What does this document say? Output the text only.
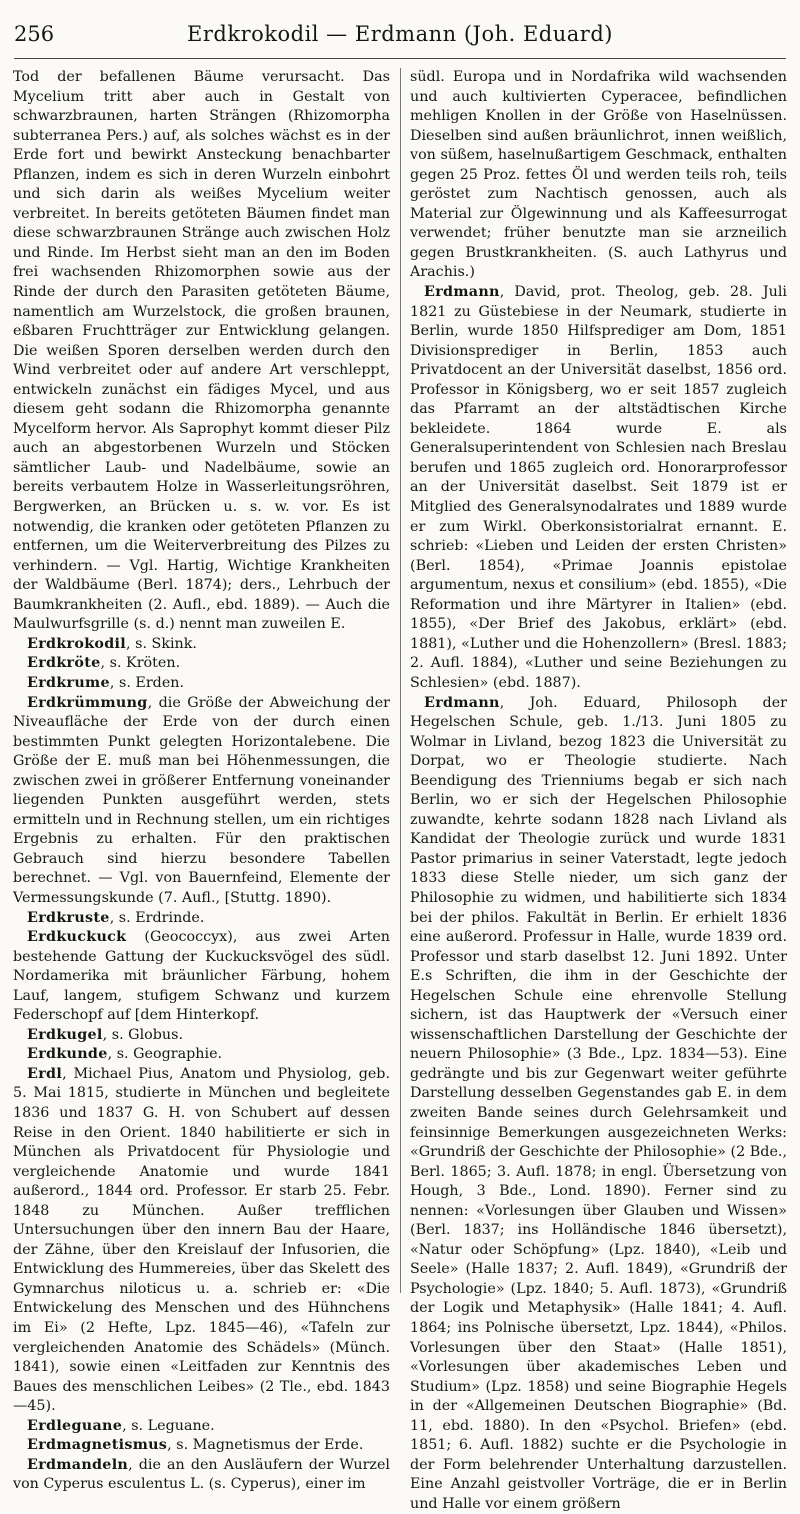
256	Erdkrokodil — Erdmann (Joh. Eduard)

Tod der befallenen Bäume verursacht. Das Mycelium tritt aber auch in Gestalt von schwarzbraunen, harten Strängen (Rhizomorpha subterranea Pers.) auf, als solches wächst es in der Erde fort und bewirkt Ansteckung benachbarter Pflanzen, indem es sich in deren Wurzeln einbohrt und sich darin als weißes Mycelium weiter verbreitet. In bereits getöteten Bäumen findet man diese schwarzbraunen Stränge auch zwischen Holz und Rinde. Im Herbst sieht man an den im Boden frei wachsenden Rhizomorphen sowie aus der Rinde der durch den Parasiten getöteten Bäume, namentlich am Wurzelstock, die großen braunen, eßbaren Fruchtträger zur Entwicklung gelangen. Die weißen Sporen derselben werden durch den Wind verbreitet oder auf andere Art verschleppt, entwickeln zunächst ein fädiges Mycel, und aus diesem geht sodann die Rhizomorpha genannte Mycelform hervor. Als Saprophyt kommt dieser Pilz auch an abgestorbenen Wurzeln und Stöcken sämtlicher Laub- und Nadelbäume, sowie an bereits verbautem Holze in Wasserleitungsröhren, Bergwerken, an Brücken u. s. w. vor. Es ist notwendig, die kranken oder getöteten Pflanzen zu entfernen, um die Weiterverbreitung des Pilzes zu verhindern. — Vgl. Hartig, Wichtige Krankheiten der Waldbäume (Berl. 1874); ders., Lehrbuch der Baumkrankheiten (2. Aufl., ebd. 1889). — Auch die Maulwurfsgrille (s. d.) nennt man zuweilen E.

Erdkrokodil, s. Skink.

Erdkröte, s. Kröten.

Erdkrume, s. Erden.

Erdkrümmung, die Größe der Abweichung der Niveaufläche der Erde von der durch einen bestimmten Punkt gelegten Horizontalebene. Die Größe der E. muß man bei Höhenmessungen, die zwischen zwei in größerer Entfernung voneinander liegenden Punkten ausgeführt werden, stets ermitteln und in Rechnung stellen, um ein richtiges Ergebnis zu erhalten. Für den praktischen Gebrauch sind hierzu besondere Tabellen berechnet. — Vgl. von Bauernfeind, Elemente der Vermessungskunde (7. Aufl., [Stuttg. 1890).

Erdkruste, s. Erdrinde.

Erdkuckuck (Geococcyx), aus zwei Arten bestehende Gattung der Kuckucksvögel des südl. Nordamerika mit bräunlicher Färbung, hohem Lauf, langem, stufigem Schwanz und kurzem Federschopf auf [dem Hinterkopf.

Erdkugel, s. Globus.

Erdkunde, s. Geographie.

Erdl, Michael Pius, Anatom und Physiolog, geb. 5. Mai 1815, studierte in München und begleitete 1836 und 1837 G. H. von Schubert auf dessen Reise in den Orient. 1840 habilitierte er sich in München als Privatdocent für Physiologie und vergleichende Anatomie und wurde 1841 außerord., 1844 ord. Professor. Er starb 25. Febr. 1848 zu München. Außer trefflichen Untersuchungen über den innern Bau der Haare, der Zähne, über den Kreislauf der Infusorien, die Entwicklung des Hummereies, über das Skelett des Gymnarchus niloticus u. a. schrieb er: «Die Entwickelung des Menschen und des Hühnchens im Ei» (2 Hefte, Lpz. 1845—46), «Tafeln zur vergleichenden Anatomie des Schädels» (Münch. 1841), sowie einen «Leitfaden zur Kenntnis des Baues des menschlichen Leibes» (2 Tle., ebd. 1843—45).

Erdleguane, s. Leguane.

Erdmagnetismus, s. Magnetismus der Erde.

Erdmandeln, die an den Ausläufern der Wurzel von Cyperus esculentus L. (s. Cyperus), einer im

südl. Europa und in Nordafrika wild wachsenden und auch kultivierten Cyperacee, befindlichen mehligen Knollen in der Größe von Haselnüssen. Dieselben sind außen bräunlichrot, innen weißlich, von süßem, haselnußartigem Geschmack, enthalten gegen 25 Proz. fettes Öl und werden teils roh, teils geröstet zum Nachtisch genossen, auch als Material zur Ölgewinnung und als Kaffeesurrogat verwendet; früher benutzte man sie arzneilich gegen Brustkrankheiten. (S. auch Lathyrus und Arachis.)

Erdmann, David, prot. Theolog, geb. 28. Juli 1821 zu Güstebiese in der Neumark, studierte in Berlin, wurde 1850 Hilfsprediger am Dom, 1851 Divisionsprediger in Berlin, 1853 auch Privatdocent an der Universität daselbst, 1856 ord. Professor in Königsberg, wo er seit 1857 zugleich das Pfarramt an der altstädtischen Kirche bekleidete. 1864 wurde E. als Generalsuperintendent von Schlesien nach Breslau berufen und 1865 zugleich ord. Honorarprofessor an der Universität daselbst. Seit 1879 ist er Mitglied des Generalsynodalrates und 1889 wurde er zum Wirkl. Oberkonsistorialrat ernannt. E. schrieb: «Lieben und Leiden der ersten Christen» (Berl. 1854), «Primae Joannis epistolae argumentum, nexus et consilium» (ebd. 1855), «Die Reformation und ihre Märtyrer in Italien» (ebd. 1855), «Der Brief des Jakobus, erklärt» (ebd. 1881), «Luther und die Hohenzollern» (Bresl. 1883; 2. Aufl. 1884), «Luther und seine Beziehungen zu Schlesien» (ebd. 1887).

Erdmann, Joh. Eduard, Philosoph der Hegelschen Schule, geb. 1./13. Juni 1805 zu Wolmar in Livland, bezog 1823 die Universität zu Dorpat, wo er Theologie studierte. Nach Beendigung des Trienniums begab er sich nach Berlin, wo er sich der Hegelschen Philosophie zuwandte, kehrte sodann 1828 nach Livland als Kandidat der Theologie zurück und wurde 1831 Pastor primarius in seiner Vaterstadt, legte jedoch 1833 diese Stelle nieder, um sich ganz der Philosophie zu widmen, und habilitierte sich 1834 bei der philos. Fakultät in Berlin. Er erhielt 1836 eine außerord. Professur in Halle, wurde 1839 ord. Professor und starb daselbst 12. Juni 1892. Unter E.s Schriften, die ihm in der Geschichte der Hegelschen Schule eine ehrenvolle Stellung sichern, ist das Hauptwerk der «Versuch einer wissenschaftlichen Darstellung der Geschichte der neuern Philosophie» (3 Bde., Lpz. 1834—53). Eine gedrängte und bis zur Gegenwart weiter geführte Darstellung desselben Gegenstandes gab E. in dem zweiten Bande seines durch Gelehrsamkeit und feinsinnige Bemerkungen ausgezeichneten Werks: «Grundriß der Geschichte der Philosophie» (2 Bde., Berl. 1865; 3. Aufl. 1878; in engl. Übersetzung von Hough, 3 Bde., Lond. 1890). Ferner sind zu nennen: «Vorlesungen über Glauben und Wissen» (Berl. 1837; ins Holländische 1846 übersetzt), «Natur oder Schöpfung» (Lpz. 1840), «Leib und Seele» (Halle 1837; 2. Aufl. 1849), «Grundriß der Psychologie» (Lpz. 1840; 5. Aufl. 1873), «Grundriß der Logik und Metaphysik» (Halle 1841; 4. Aufl. 1864; ins Polnische übersetzt, Lpz. 1844), «Philos. Vorlesungen über den Staat» (Halle 1851), «Vorlesungen über akademisches Leben und Studium» (Lpz. 1858) und seine Biographie Hegels in der «Allgemeinen Deutschen Biographie» (Bd. 11, ebd. 1880). In den «Psychol. Briefen» (ebd. 1851; 6. Aufl. 1882) suchte er die Psychologie in der Form belehrender Unterhaltung darzustellen. Eine Anzahl geistvoller Vorträge, die er in Berlin und Halle vor einem größern
